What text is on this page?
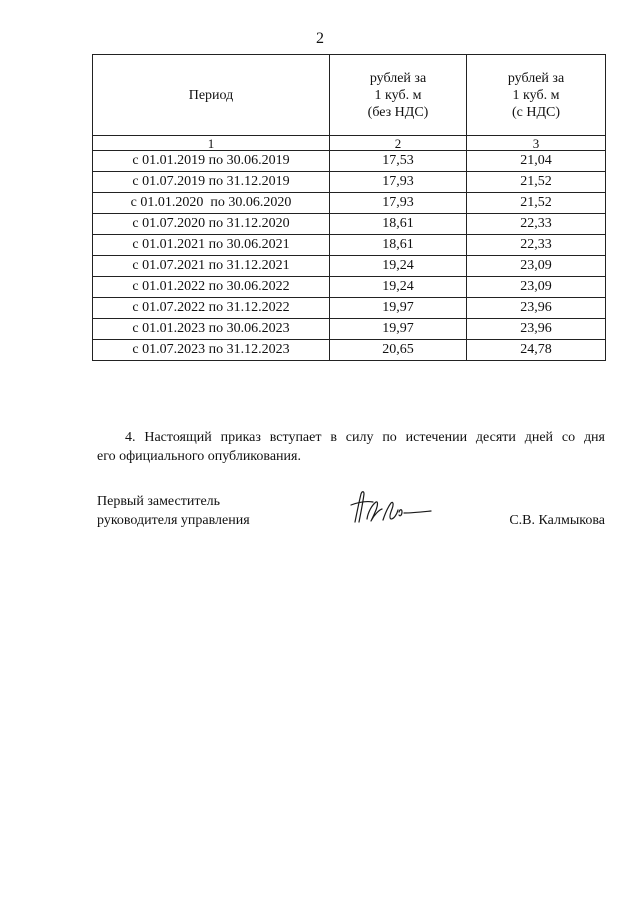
2
Период	рублей за
1 куб. м
(без НДС)	рублей за
1 куб. м
(с НДС)

1	2	3
с 01.01.2019 по 30.06.2019	17,53	21,04
с 01.07.2019 по 31.12.2019	17,93	21,52
с 01.01.2020  по 30.06.2020	17,93	21,52
с 01.07.2020 по 31.12.2020	18,61	22,33
с 01.01.2021 по 30.06.2021	18,61	22,33
с 01.07.2021 по 31.12.2021	19,24	23,09
с 01.01.2022 по 30.06.2022	19,24	23,09
с 01.07.2022 по 31.12.2022	19,97	23,96
с 01.01.2023 по 30.06.2023	19,97	23,96
с 01.07.2023 по 31.12.2023	20,65	24,78
4. Настоящий приказ вступает в силу по истечении десяти дней со дня
его официального опубликования.
Первый заместитель
руководителя управления	С.В. Калмыкова
